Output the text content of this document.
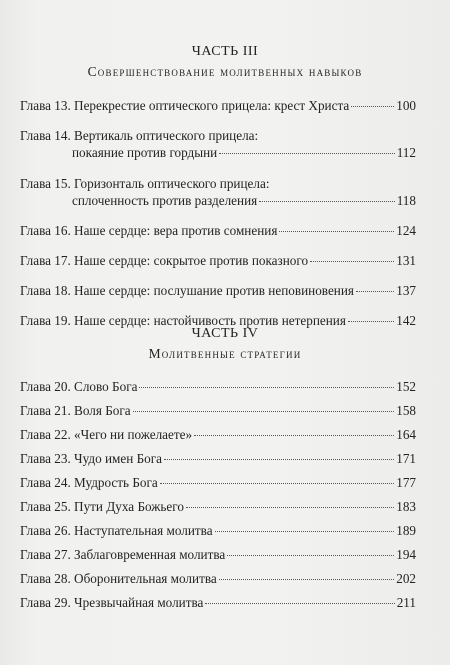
ЧАСТЬ III
Совершенствование молитвенных навыков
Глава 13. Перекрестие оптического прицела: крест Христа	100
Глава 14. Вертикаль оптического прицела:
покаяние против гордыни	112
Глава 15. Горизонталь оптического прицела:
сплоченность против разделения	118
Глава 16. Наше сердце: вера против сомнения	124
Глава 17. Наше сердце: сокрытое против показного	131
Глава 18. Наше сердце: послушание против неповиновения	137
Глава 19. Наше сердце: настойчивость против нетерпения	142
ЧАСТЬ IV
Молитвенные стратегии
Глава 20. Слово Бога	152
Глава 21. Воля Бога	158
Глава 22. «Чего ни пожелаете»	164
Глава 23. Чудо имен Бога	171
Глава 24. Мудрость Бога	177
Глава 25. Пути Духа Божьего	183
Глава 26. Наступательная молитва	189
Глава 27. Заблаговременная молитва	194
Глава 28. Оборонительная молитва	202
Глава 29. Чрезвычайная молитва	211
